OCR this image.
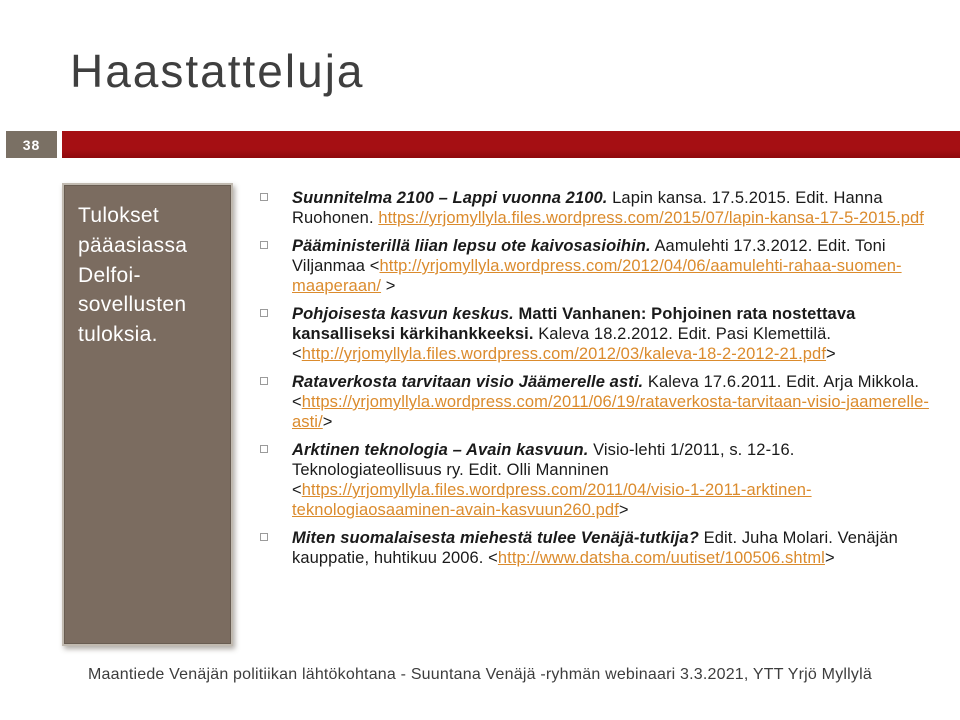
Haastatteluja
38
Tulokset pääasiassa Delfoi-sovellusten tuloksia.
Suunnitelma 2100 – Lappi vuonna 2100. Lapin kansa. 17.5.2015. Edit. Hanna Ruohonen. https://yrjomyllyla.files.wordpress.com/2015/07/lapin-kansa-17-5-2015.pdf
Pääministerillä liian lepsu ote kaivosasioihin. Aamulehti 17.3.2012. Edit. Toni Viljanmaa <http://yrjomyllyla.wordpress.com/2012/04/06/aamulehti-rahaa-suomen-maaperaan/ >
Pohjoisesta kasvun keskus. Matti Vanhanen: Pohjoinen rata nostettava kansalliseksi kärkihankkeeksi. Kaleva 18.2.2012. Edit. Pasi Klemettilä. <http://yrjomyllyla.files.wordpress.com/2012/03/kaleva-18-2-2012-21.pdf>
Rataverkosta tarvitaan visio Jäämerelle asti. Kaleva 17.6.2011. Edit. Arja Mikkola. <https://yrjomyllyla.wordpress.com/2011/06/19/rataverkosta-tarvitaan-visio-jaamerelle-asti/>
Arktinen teknologia – Avain kasvuun. Visio-lehti 1/2011, s. 12-16. Teknologiateollisuus ry. Edit. Olli Manninen <https://yrjomyllyla.files.wordpress.com/2011/04/visio-1-2011-arktinen-teknologiaosaaminen-avain-kasvuun260.pdf>
Miten suomalaisesta miehestä tulee Venäjä-tutkija? Edit. Juha Molari. Venäjän kauppatie, huhtikuu 2006. <http://www.datsha.com/uutiset/100506.shtml>
Maantiede Venäjän politiikan lähtökohtana - Suuntana Venäjä -ryhmän webinaari 3.3.2021, YTT Yrjö Myllylä
